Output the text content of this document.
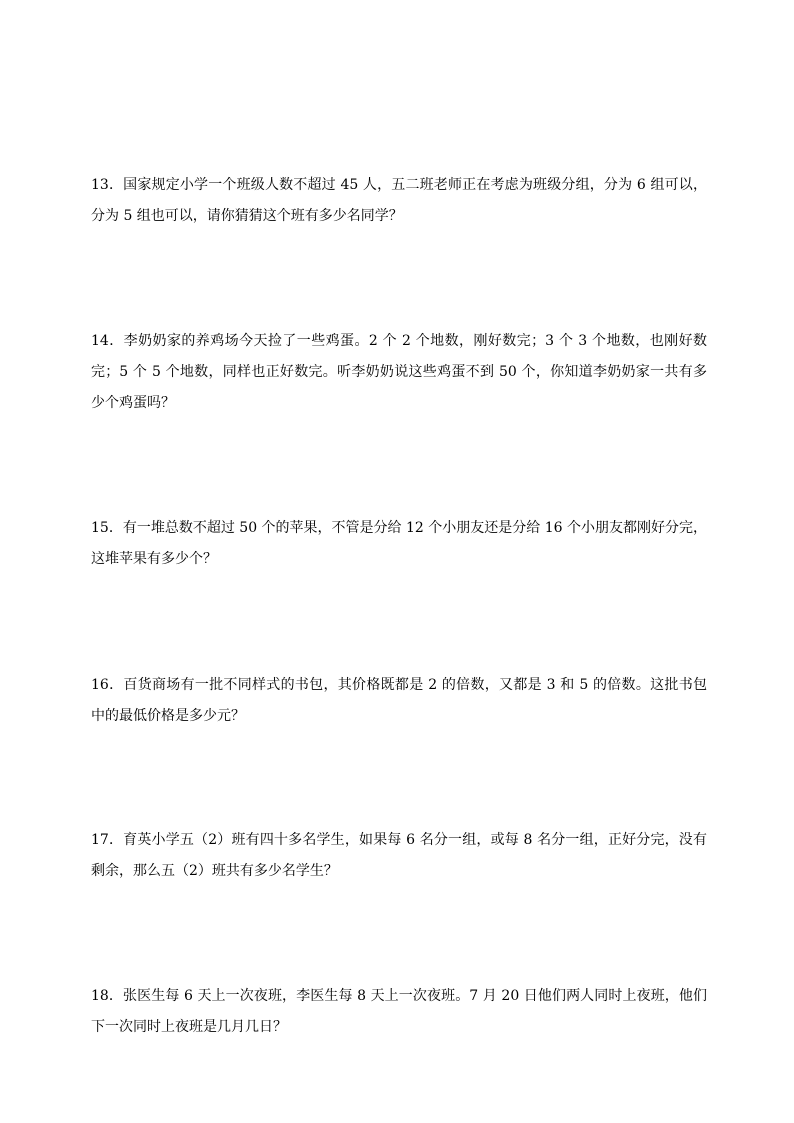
13．国家规定小学一个班级人数不超过 45 人，五二班老师正在考虑为班级分组，分为 6 组可以，分为 5 组也可以，请你猜猜这个班有多少名同学？

14．李奶奶家的养鸡场今天捡了一些鸡蛋。2 个 2 个地数，刚好数完；3 个 3 个地数，也刚好数完；5 个 5 个地数，同样也正好数完。听李奶奶说这些鸡蛋不到 50 个，你知道李奶奶家一共有多少个鸡蛋吗？

15．有一堆总数不超过 50 个的苹果，不管是分给 12 个小朋友还是分给 16 个小朋友都刚好分完，这堆苹果有多少个？

16．百货商场有一批不同样式的书包，其价格既都是 2 的倍数，又都是 3 和 5 的倍数。这批书包中的最低价格是多少元？

17．育英小学五（2）班有四十多名学生，如果每 6 名分一组，或每 8 名分一组，正好分完，没有剩余，那么五（2）班共有多少名学生？

18．张医生每 6 天上一次夜班，李医生每 8 天上一次夜班。7 月 20 日他们两人同时上夜班，他们下一次同时上夜班是几月几日？
